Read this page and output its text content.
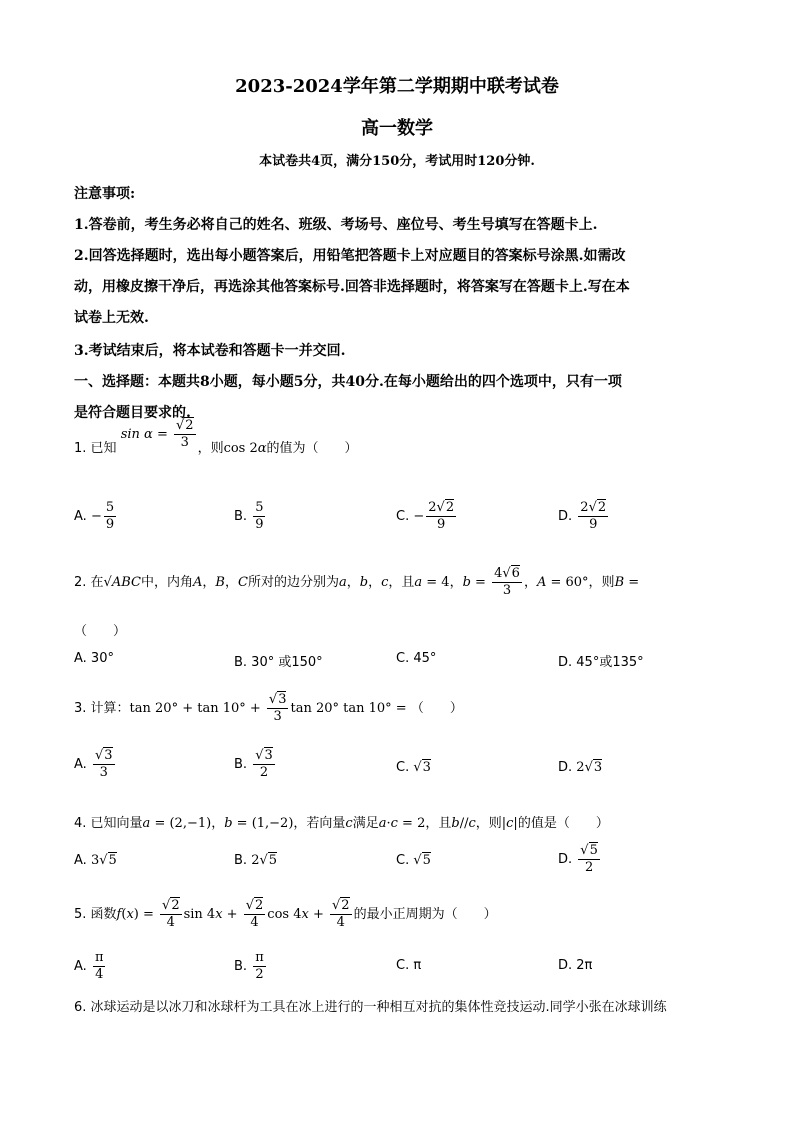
2023-2024学年第二学期期中联考试卷
高一数学
本试卷共4页，满分150分，考试用时120分钟.
注意事项:
1.答卷前，考生务必将自己的姓名、班级、考场号、座位号、考生号填写在答题卡上.
2.回答选择题时，选出每小题答案后，用铅笔把答题卡上对应题目的答案标号涂黑.如需改
动，用橡皮擦干净后，再选涂其他答案标号.回答非选择题时，将答案写在答题卡上.写在本
试卷上无效.
3.考试结束后，将本试卷和答题卡一并交回.
一、选择题：本题共8小题，每小题5分，共40分.在每小题给出的四个选项中，只有一项
是符合题目要求的.
1. 已知 $\sin \alpha = \frac{√2}{3}$ ，则cos 2α的值为（　　）
A. − $\frac{5}{9}$	B. $\frac{5}{9}$	C. − $\frac{2√2}{9}$	D. $\frac{2√2}{9}$
2. 在√ABC中，内角A，B，C所对的边分别为a，b，c，且a = 4，$b = \frac{4√6}{3}$ ，A = 60°，则B =
（　　）
A. 30°	B. 30° 或150°	C. 45°	D. 45°或135°
3. 计算：$\tan 20^\circ + \tan 10^\circ + \frac{√3}{3}$ tan 20° tan 10° = （　　）
A. $\frac{√3}{3}$	B. $\frac{√3}{2}$	C. √3	D. 2√3
4. 已知向量a = (2,−1)，b = (1,−2)，若向量c满足a·c = 2，且b//c，则|c|的值是（　　）
A. 3√5	B. 2√5	C. √5	D. $\frac{√5}{2}$
5. 函数$f(x) = \frac{√2}{4}$ $\sin 4x + \frac{√2}{4}$ $\cos 4x + \frac{√2}{4}$ 的最小正周期为（　　）
A. $\frac{\pi}{4}$	B. $\frac{\pi}{2}$	C. π	D. 2π
6. 冰球运动是以冰刀和冰球杆为工具在冰上进行的一种相互对抗的集体性竞技运动.同学小张在冰球训练
